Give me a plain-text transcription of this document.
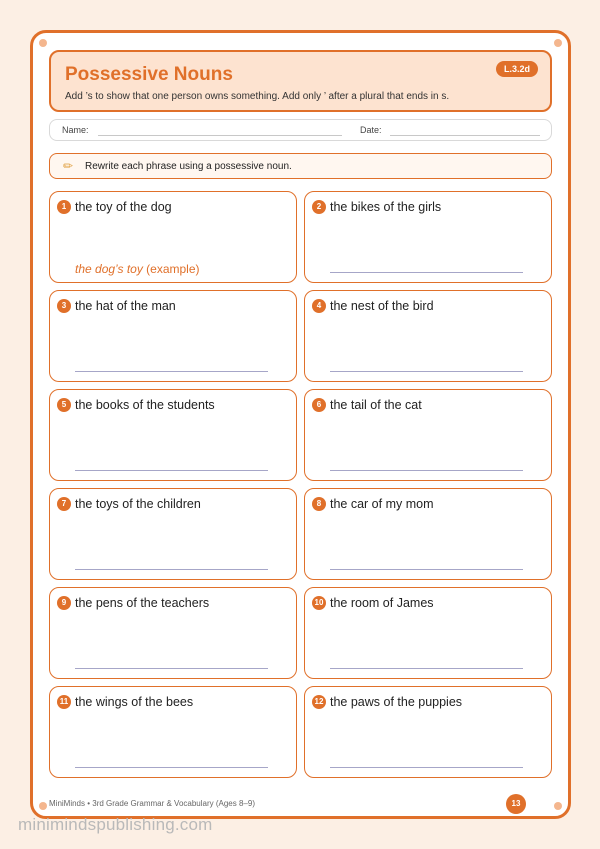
Possessive Nouns	L.3.2d
Add ’s to show that one person owns something. Add only ’ after a plural that ends in s.
Name:	Date:
✏ Rewrite each phrase using a possessive noun.
1 the toy of the dog
the dog’s toy (example)
2 the bikes of the girls
3 the hat of the man	4 the nest of the bird
5 the books of the students	6 the tail of the cat
7 the toys of the children	8 the car of my mom
9 the pens of the teachers	10 the room of James
11 the wings of the bees	12 the paws of the puppies
MiniMinds • 3rd Grade Grammar & Vocabulary (Ages 8–9)	13
minimindspublishing.com
